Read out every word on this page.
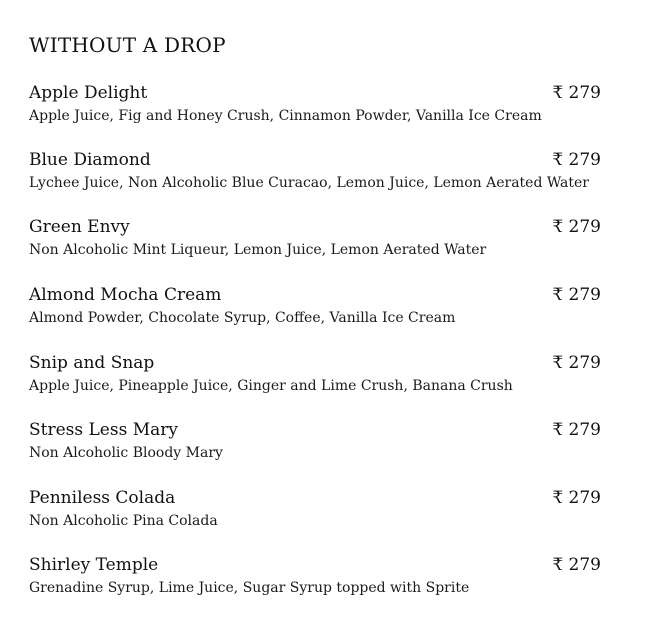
WITHOUT A DROP
Apple Delight	₹ 279
Apple Juice, Fig and Honey Crush, Cinnamon Powder, Vanilla Ice Cream
Blue Diamond	₹ 279
Lychee Juice, Non Alcoholic Blue Curacao, Lemon Juice, Lemon Aerated Water
Green Envy	₹ 279
Non Alcoholic Mint Liqueur, Lemon Juice, Lemon Aerated Water
Almond Mocha Cream	₹ 279
Almond Powder, Chocolate Syrup, Coffee, Vanilla Ice Cream
Snip and Snap	₹ 279
Apple Juice, Pineapple Juice, Ginger and Lime Crush, Banana Crush
Stress Less Mary	₹ 279
Non Alcoholic Bloody Mary
Penniless Colada	₹ 279
Non Alcoholic Pina Colada
Shirley Temple	₹ 279
Grenadine Syrup, Lime Juice, Sugar Syrup topped with Sprite
